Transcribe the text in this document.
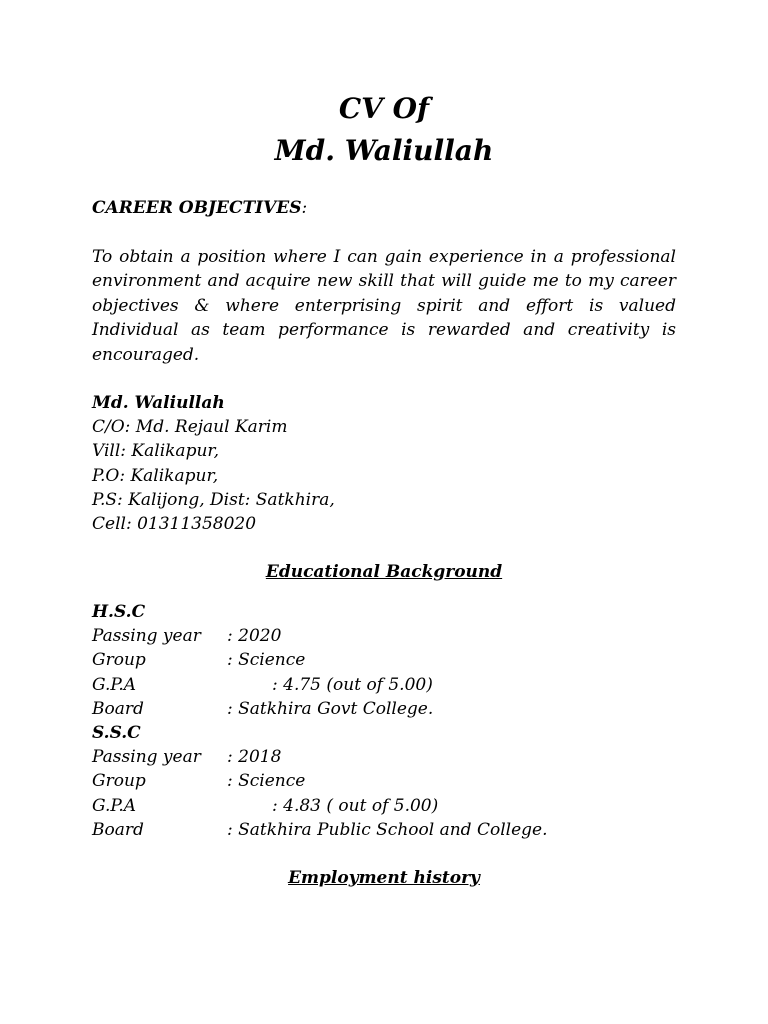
CV Of
Md. Waliullah
CAREER OBJECTIVES:

To obtain a position where I can gain experience in a professional environment and acquire new skill that will guide me to my career objectives & where enterprising spirit and effort is valued Individual as team performance is rewarded and creativity is encouraged.

Md. Waliullah
C/O: Md. Rejaul Karim
Vill: Kalikapur,
P.O: Kalikapur,
P.S: Kalijong, Dist: Satkhira,
Cell: 01311358020
Educational Background
H.S.C
Passing year	: 2020
Group	: Science
G.P.A	: 4.75 (out of 5.00)
Board	: Satkhira Govt College.
S.S.C
Passing year	: 2018
Group	: Science
G.P.A	: 4.83 ( out of 5.00)
Board	: Satkhira Public School and College.
Employment history
